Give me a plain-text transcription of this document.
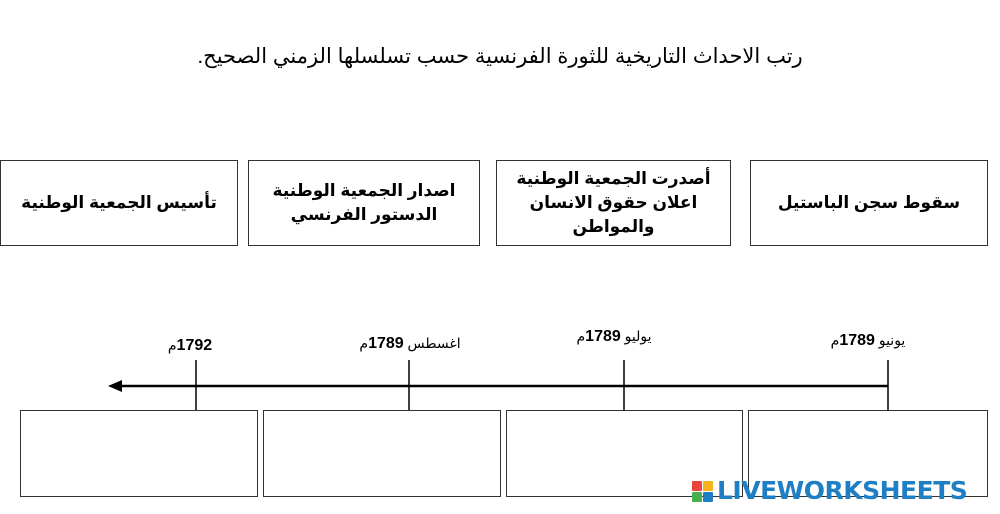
رتب الاحداث التاريخية للثورة الفرنسية حسب تسلسلها الزمني الصحيح.
سقوط سجن الباستيل
أصدرت الجمعية الوطنية
اعلان حقوق الانسان
والمواطن
اصدار الجمعية الوطنية
الدستور الفرنسي
تأسيس الجمعية الوطنية
يونيو 1789م
يوليو 1789م
اغسطس 1789م
1792م
LIVEWORKSHEETS
